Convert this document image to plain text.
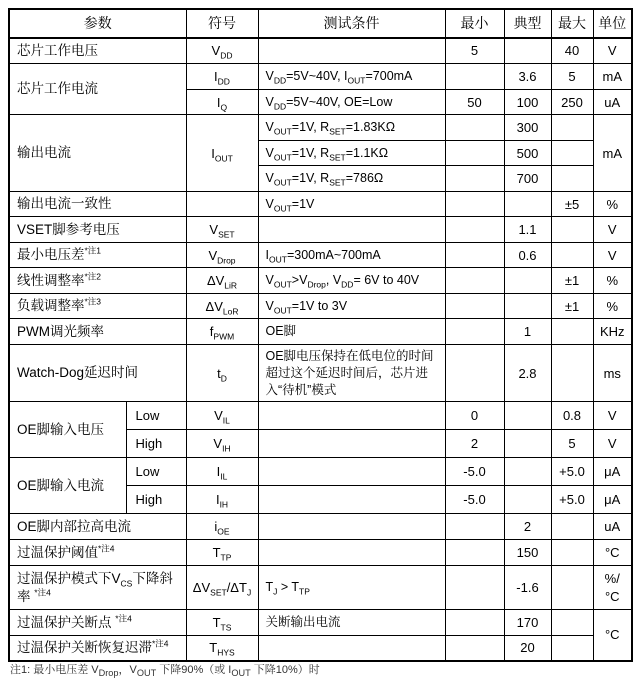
参数		符号	测试条件	最小	典型	最大	单位
芯片工作电压		$V_{DD}$		5		40	V
芯片工作电流		$I_{DD}$	$V_{DD}=5V\sim 40V$, $I_{OUT}=700mA$		3.6	5	mA
		$I_Q$	$V_{DD}=5V\sim 40V$, OE=Low	50	100	250	uA
输出电流		$I_{OUT}$	$V_{OUT}=1V$, $R_{SET}=1.83K\Omega$		300		mA
			$V_{OUT}=1V$, $R_{SET}=1.1K\Omega$		500		
			$V_{OUT}=1V$, $R_{SET}=786\Omega$		700		
输出电流一致性			$V_{OUT}=1V$			±5	%
VSET脚参考电压		$V_{SET}$			1.1		V
最小电压差$^{*注1}$		$V_{Drop}$	$I_{OUT}=300mA\sim 700mA$		0.6		V
线性调整率$^{*注2}$		$\Delta V_{LiR}$	$V_{OUT}>V_{Drop}$, $V_{DD}= 6V$ to 40V			±1	%
负载调整率$^{*注3}$		$\Delta V_{LoR}$	$V_{OUT}=1V$ to 3V			±1	%
PWM调光频率		$f_{PWM}$	OE脚		1		KHz
Watch-Dog延迟时间		$t_D$	OE脚电压保持在低电位的时间超过这个延迟时间后，芯片进入“待机”模式		2.8		ms
OE脚输入电压	Low	$V_{IL}$		0		0.8	V
	High	$V_{IH}$		2		5	V
OE脚输入电流	Low	$I_{IL}$		-5.0		+5.0	μA
	High	$I_{IH}$		-5.0		+5.0	μA
OE脚内部拉高电流		$i_{OE}$			2		uA
过温保护阈值$^{*注4}$		$T_{TP}$			150		°C
过温保护模式下$V_{CS}$下降斜率 $^{*注4}$		$\Delta V_{SET}/\Delta T_J$	$T_J > T_{TP}$		-1.6		%/°C
过温保护关断点 $^{*注4}$		$T_{TS}$	关断输出电流		170		°C
过温保护关断恢复迟滞$^{*注4}$		$T_{HYS}$			20		
注1: 最小电压差 $V_{Drop}$，$V_{OUT}$ 下降90%（或 $I_{OUT}$ 下降10%）时
